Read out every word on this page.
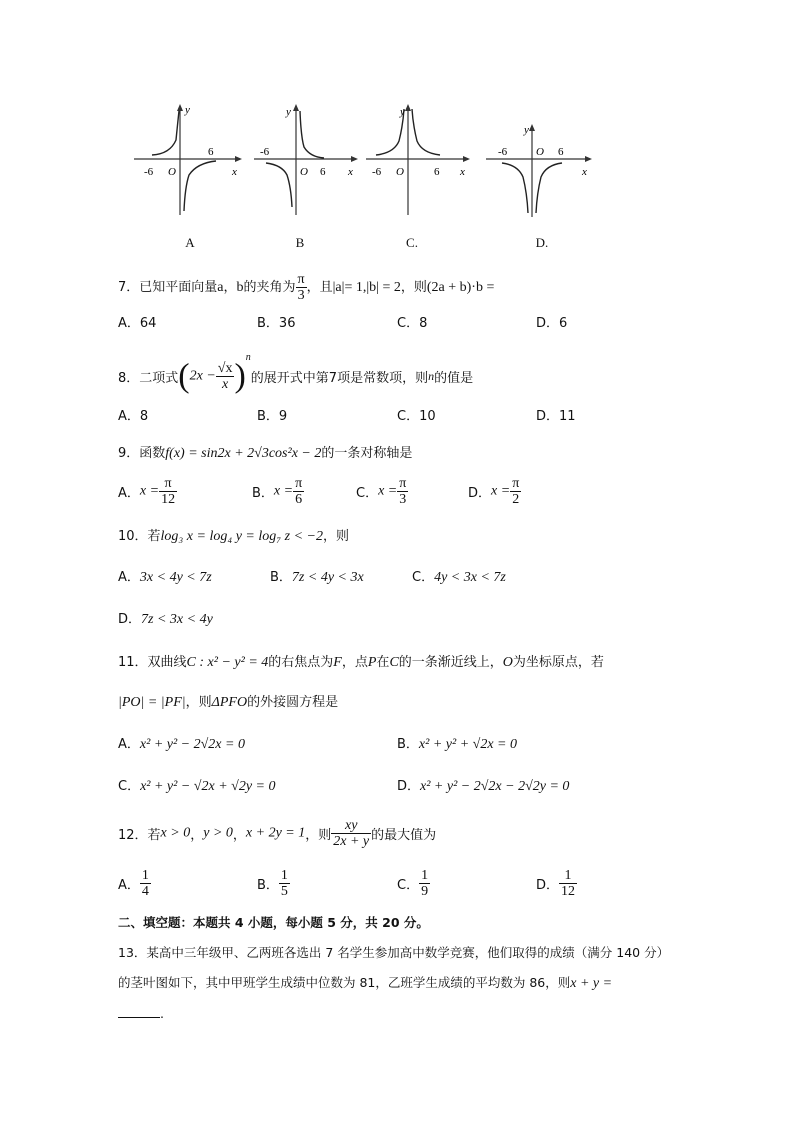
y
x
O
-6
6
y
x
O
-6
6
y
x
O
-6	6
y
x
O
-6	6
A	B	C.	D.
7．已知平面向量a，b的夹角为 $\frac{\pi}{3}$ ，且|a|= 1,|b| = 2，则(2a + b)·b =
A．64	B．36	C．8	D．6
8．二项式$(2x - \frac{√x}{x} )^n$的展开式中第7项是常数项，则n的值是
A．8	B．9	C．10	D．11
9．函数f(x) = sin2x + 2√3cos²x − 2的一条对称轴是
A．$x = \frac{\pi}{12}$	B．$x = \frac{\pi}{6}$	C．$x = \frac{\pi}{3}$	D．$x = \frac{\pi}{2}$
10．若log₃ x = log₄ y = log₇ z < −2，则
A．3x < 4y < 7z	B．7z < 4y < 3x	C．4y < 3x < 7z
D．7z < 3x < 4y
11．双曲线C : x² − y² = 4的右焦点为F，点P在C的一条渐近线上，O为坐标原点，若
|PO| = |PF|，则ΔPFO的外接圆方程是
A．x² + y² − 2√2x = 0	B．x² + y² + √2x = 0
C．x² + y² − √2x + √2y = 0	D．x² + y² − 2√2x − 2√2y = 0
12．若x > 0，y > 0，x + 2y = 1，则 $\frac{xy}{2x + y}$ 的最大值为
A． $\frac{1}{4}$	B． $\frac{1}{5}$	C． $\frac{1}{9}$	D． $\frac{1}{12}$
二、填空题：本题共 4 小题，每小题 5 分，共 20 分。
13．某高中三年级甲、乙两班各选出 7 名学生参加高中数学竞赛，他们取得的成绩（满分 140 分）的茎叶图如下，其中甲班学生成绩中位数为 81，乙班学生成绩的平均数为 86，则x + y =
.
